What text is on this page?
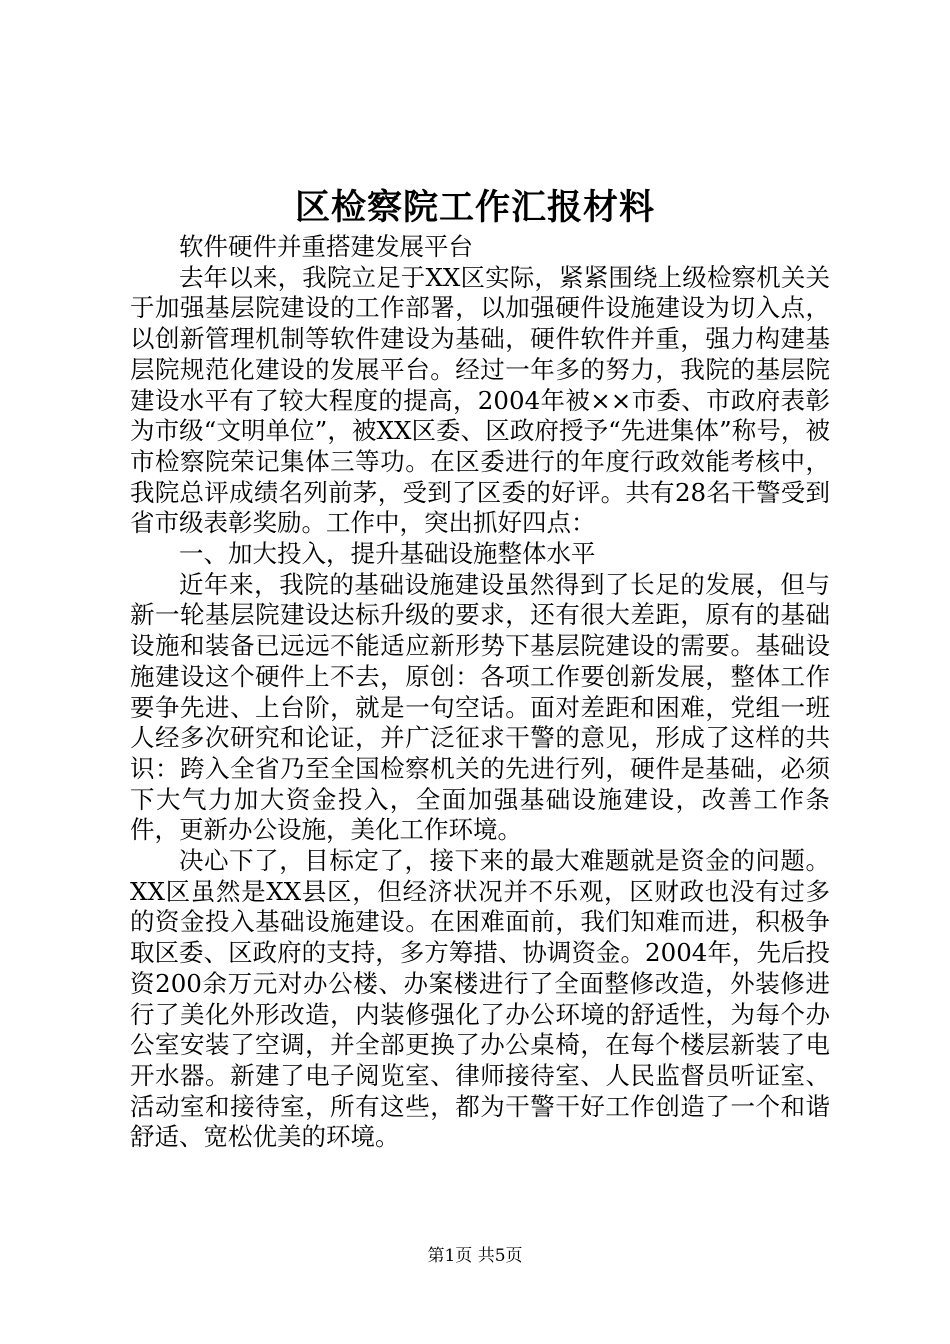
区检察院工作汇报材料

软件硬件并重搭建发展平台

去年以来，我院立足于XX区实际，紧紧围绕上级检察机关关于加强基层院建设的工作部署，以加强硬件设施建设为切入点，以创新管理机制等软件建设为基础，硬件软件并重，强力构建基层院规范化建设的发展平台。经过一年多的努力，我院的基层院建设水平有了较大程度的提高，2004年被××市委、市政府表彰为市级“文明单位”，被XX区委、区政府授予“先进集体”称号，被市检察院荣记集体三等功。在区委进行的年度行政效能考核中，我院总评成绩名列前茅，受到了区委的好评。共有28名干警受到省市级表彰奖励。工作中，突出抓好四点：

一、加大投入，提升基础设施整体水平

近年来，我院的基础设施建设虽然得到了长足的发展，但与新一轮基层院建设达标升级的要求，还有很大差距，原有的基础设施和装备已远远不能适应新形势下基层院建设的需要。基础设施建设这个硬件上不去，原创：各项工作要创新发展，整体工作要争先进、上台阶，就是一句空话。面对差距和困难，党组一班人经多次研究和论证，并广泛征求干警的意见，形成了这样的共识：跨入全省乃至全国检察机关的先进行列，硬件是基础，必须下大气力加大资金投入，全面加强基础设施建设，改善工作条件，更新办公设施，美化工作环境。

决心下了，目标定了，接下来的最大难题就是资金的问题。XX区虽然是XX县区，但经济状况并不乐观，区财政也没有过多的资金投入基础设施建设。在困难面前，我们知难而进，积极争取区委、区政府的支持，多方筹措、协调资金。2004年，先后投资200余万元对办公楼、办案楼进行了全面整修改造，外装修进行了美化外形改造，内装修强化了办公环境的舒适性，为每个办公室安装了空调，并全部更换了办公桌椅，在每个楼层新装了电开水器。新建了电子阅览室、律师接待室、人民监督员听证室、活动室和接待室，所有这些，都为干警干好工作创造了一个和谐舒适、宽松优美的环境。

第1页 共5页
